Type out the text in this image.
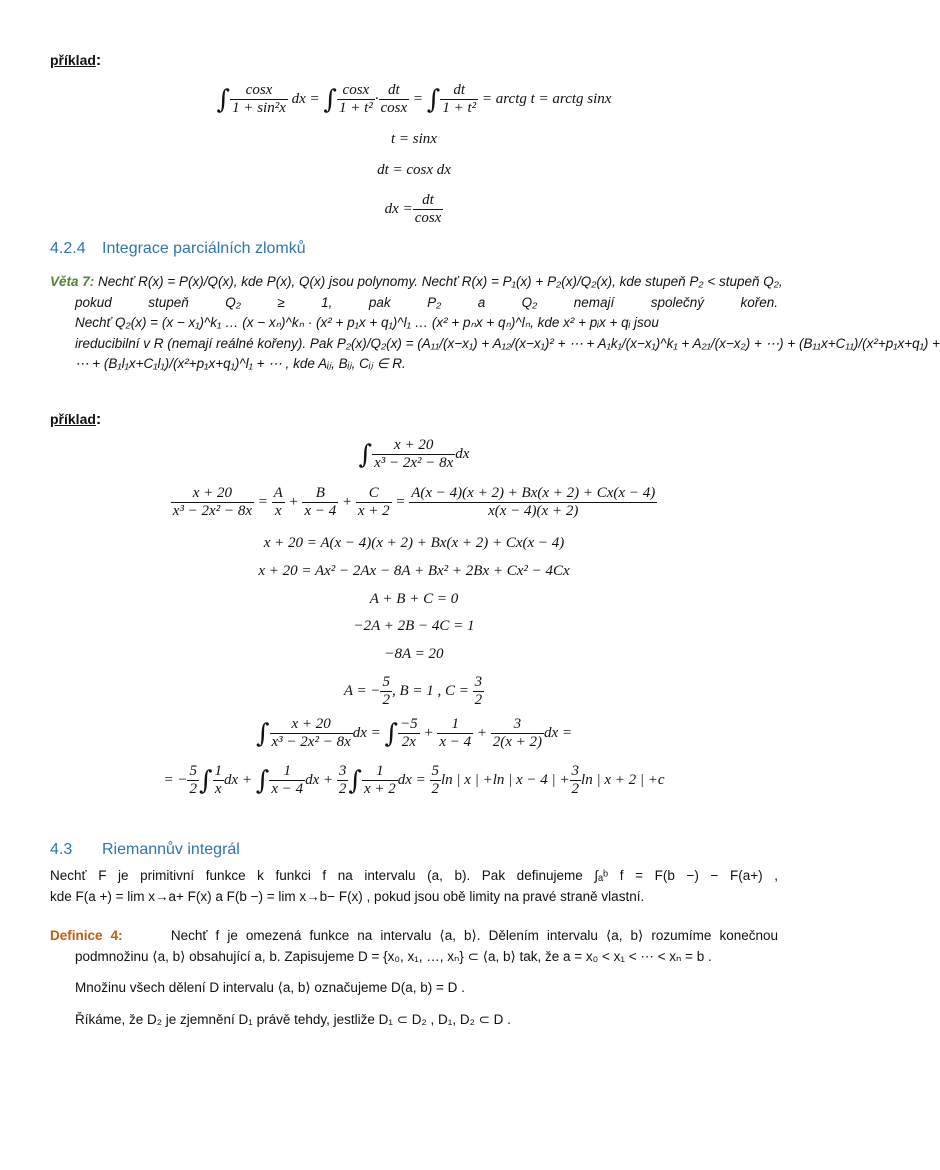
příklad:
∫ $\frac{\cos x}{\text{1 + sin²x}}$ dx = ∫ $\frac{\cos x}{\text{1 + t²}} \cdot \frac{dt}{\cos x}$ = ∫ $\frac{dt}{\text{1 + t²}}$ = arctg t = arctg sinx
t = sinx
dt = cosx dx
dx = $\frac{dt}{\cos x}$
4.2.4 Integrace parciálních zlomků
Věta 7: Nechť R(x) = P(x)/Q(x), kde P(x), Q(x) jsou polynomy. Nechť R(x) = P₁(x) + P₂(x)/Q₂(x), kde stupeň P₂ < stupeň Q₂,
pokud stupeň Q₂ ≥ 1, pak P₂ a Q₂ nemají společný kořen.
Nechť Q₂(x) = (x − x₁)^k₁ … (x − xₙ)^kₙ · (x² + p₁x + q₁)^l₁ … (x² + pₙx + qₙ)^lₙ, kde x² + pᵢx + qᵢ jsou
ireducibilní v R (nemají reálné kořeny). Pak P₂(x)/Q₂(x) = (A₁₁/(x−x₁) + A₁₂/(x−x₁)² + ⋯ + A₁k₁/(x−x₁)^k₁ + A₂₁/(x−x₂) + ⋯) + (B₁₁x+C₁₁)/(x²+p₁x+q₁) +
⋯ + (B₁l₁x+C₁l₁)/(x²+p₁x+q₁)^l₁ + ⋯ , kde Aᵢⱼ, Bᵢⱼ, Cᵢⱼ ∈ R.
příklad:
∫ $\frac{x + 20}{\text{x³ − 2x² − 8x}}$ dx
$\frac{x + 20}{\text{x³ − 2x² − 8x}} = \frac{A}{x} + \frac{B}{x - 4} + \frac{C}{x + 2} = \frac{A(x - 4)(x + 2) + Bx(x + 2) + Cx(x - 4)}{x(x - 4)(x + 2)}$
x + 20 = A(x − 4)(x + 2) + Bx(x + 2) + Cx(x − 4)
x + 20 = Ax² − 2Ax − 8A + Bx² + 2Bx + Cx² − 4Cx
A + B + C = 0
−2A + 2B − 4C = 1
−8A = 20
A = − $\frac{5}{2}$ , B = 1 , $C = \frac{3}{2}$
∫ $\frac{x + 20}{\text{x³ − 2x² − 8x}}$ dx = ∫ $\frac{-5}{2x} + \frac{1}{x - 4} + \frac{3}{2(x + 2)}$ dx =
= − $\frac{5}{2}$ ∫ $\frac{1}{x}$ dx + ∫ $\frac{1}{x - 4}$ dx + $\frac{3}{2}$ ∫ $\frac{1}{x + 2}$ dx = $\frac{5}{2}$ ln | x | +ln | x − 4 | + $\frac{3}{2}$ ln | x + 2 | +c
4.3 Riemannův integrál
Nechť F je primitivní funkce k funkci f na intervalu (a, b). Pak definujeme ∫ₐᵇ f = F(b −) − F(a+) ,
kde F(a +) = lim x→a+ F(x) a F(b −) = lim x→b− F(x) , pokud jsou obě limity na pravé straně vlastní.
Definice 4:	Nechť f je omezená funkce na intervalu ⟨a, b⟩. Dělením intervalu ⟨a, b⟩ rozumíme konečnou
podmnožinu ⟨a, b⟩ obsahující a, b. Zapisujeme D = {x₀, x₁, …, xₙ} ⊂ ⟨a, b⟩ tak, že a = x₀ < x₁ < ⋯ < xₙ = b .
Množinu všech dělení D intervalu ⟨a, b⟩ označujeme D(a, b) = D .
Říkáme, že D₂ je zjemnění D₁ právě tehdy, jestliže D₁ ⊂ D₂ , D₁, D₂ ⊂ D .
